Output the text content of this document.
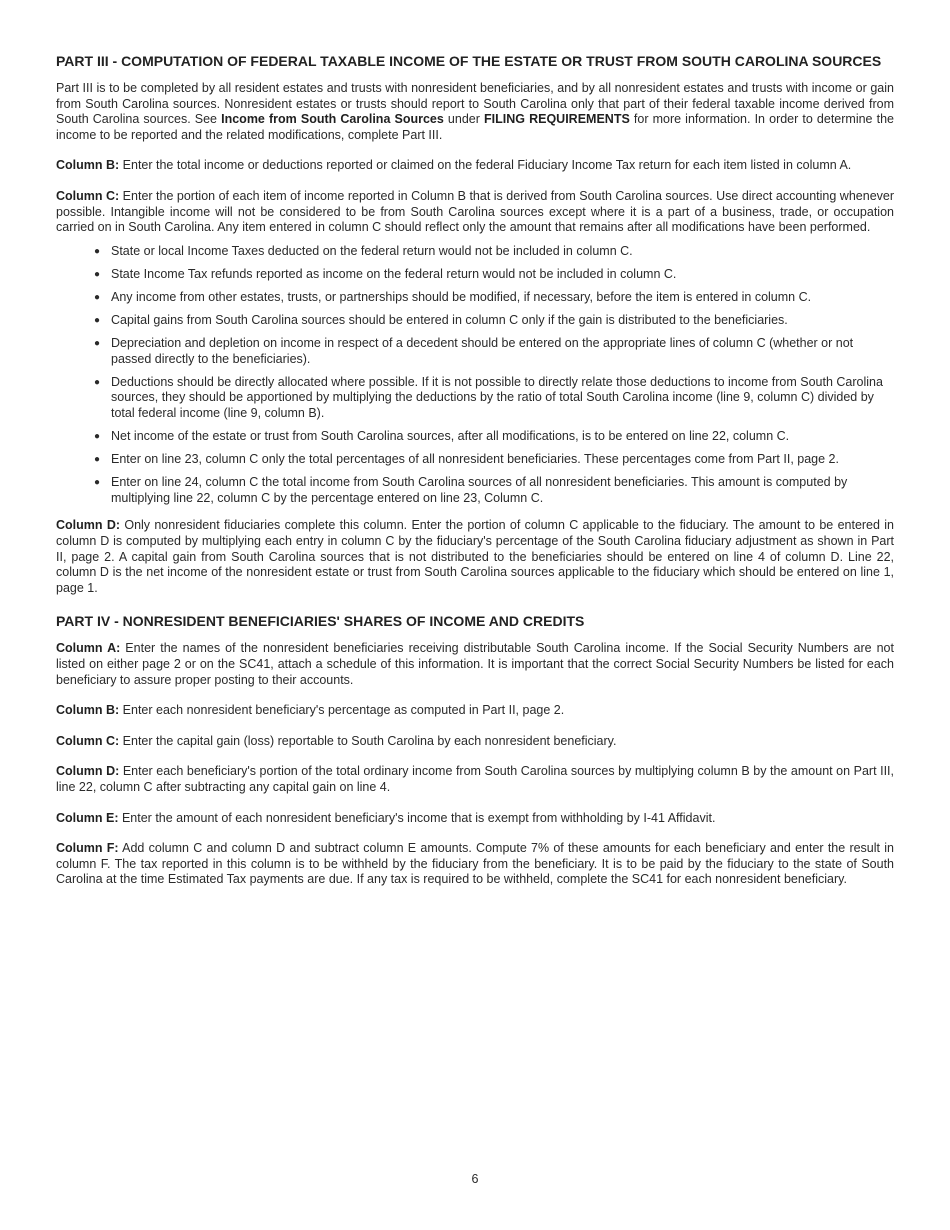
PART III - COMPUTATION OF FEDERAL TAXABLE INCOME OF THE ESTATE OR TRUST FROM SOUTH CAROLINA SOURCES

Part III is to be completed by all resident estates and trusts with nonresident beneficiaries, and by all nonresident estates and trusts with income or gain from South Carolina sources. Nonresident estates or trusts should report to South Carolina only that part of their federal taxable income derived from South Carolina sources. See Income from South Carolina Sources under FILING REQUIREMENTS for more information. In order to determine the income to be reported and the related modifications, complete Part III.

Column B: Enter the total income or deductions reported or claimed on the federal Fiduciary Income Tax return for each item listed in column A.

Column C: Enter the portion of each item of income reported in Column B that is derived from South Carolina sources. Use direct accounting whenever possible. Intangible income will not be considered to be from South Carolina sources except where it is a part of a business, trade, or occupation carried on in South Carolina. Any item entered in column C should reflect only the amount that remains after all modifications have been performed.

● State or local Income Taxes deducted on the federal return would not be included in column C.
● State Income Tax refunds reported as income on the federal return would not be included in column C.
● Any income from other estates, trusts, or partnerships should be modified, if necessary, before the item is entered in column C.
● Capital gains from South Carolina sources should be entered in column C only if the gain is distributed to the beneficiaries.
● Depreciation and depletion on income in respect of a decedent should be entered on the appropriate lines of column C (whether or not passed directly to the beneficiaries).
● Deductions should be directly allocated where possible. If it is not possible to directly relate those deductions to income from South Carolina sources, they should be apportioned by multiplying the deductions by the ratio of total South Carolina income (line 9, column C) divided by total federal income (line 9, column B).
● Net income of the estate or trust from South Carolina sources, after all modifications, is to be entered on line 22, column C.
● Enter on line 23, column C only the total percentages of all nonresident beneficiaries. These percentages come from Part II, page 2.
● Enter on line 24, column C the total income from South Carolina sources of all nonresident beneficiaries. This amount is computed by multiplying line 22, column C by the percentage entered on line 23, Column C.

Column D: Only nonresident fiduciaries complete this column. Enter the portion of column C applicable to the fiduciary. The amount to be entered in column D is computed by multiplying each entry in column C by the fiduciary's percentage of the South Carolina fiduciary adjustment as shown in Part II, page 2. A capital gain from South Carolina sources that is not distributed to the beneficiaries should be entered on line 4 of column D. Line 22, column D is the net income of the nonresident estate or trust from South Carolina sources applicable to the fiduciary which should be entered on line 1, page 1.

PART IV - NONRESIDENT BENEFICIARIES' SHARES OF INCOME AND CREDITS

Column A: Enter the names of the nonresident beneficiaries receiving distributable South Carolina income. If the Social Security Numbers are not listed on either page 2 or on the SC41, attach a schedule of this information. It is important that the correct Social Security Numbers be listed for each beneficiary to assure proper posting to their accounts.

Column B: Enter each nonresident beneficiary's percentage as computed in Part II, page 2.

Column C: Enter the capital gain (loss) reportable to South Carolina by each nonresident beneficiary.

Column D: Enter each beneficiary's portion of the total ordinary income from South Carolina sources by multiplying column B by the amount on Part III, line 22, column C after subtracting any capital gain on line 4.

Column E: Enter the amount of each nonresident beneficiary's income that is exempt from withholding by I-41 Affidavit.

Column F: Add column C and column D and subtract column E amounts. Compute 7% of these amounts for each beneficiary and enter the result in column F. The tax reported in this column is to be withheld by the fiduciary from the beneficiary. It is to be paid by the fiduciary to the state of South Carolina at the time Estimated Tax payments are due. If any tax is required to be withheld, complete the SC41 for each nonresident beneficiary.

6
